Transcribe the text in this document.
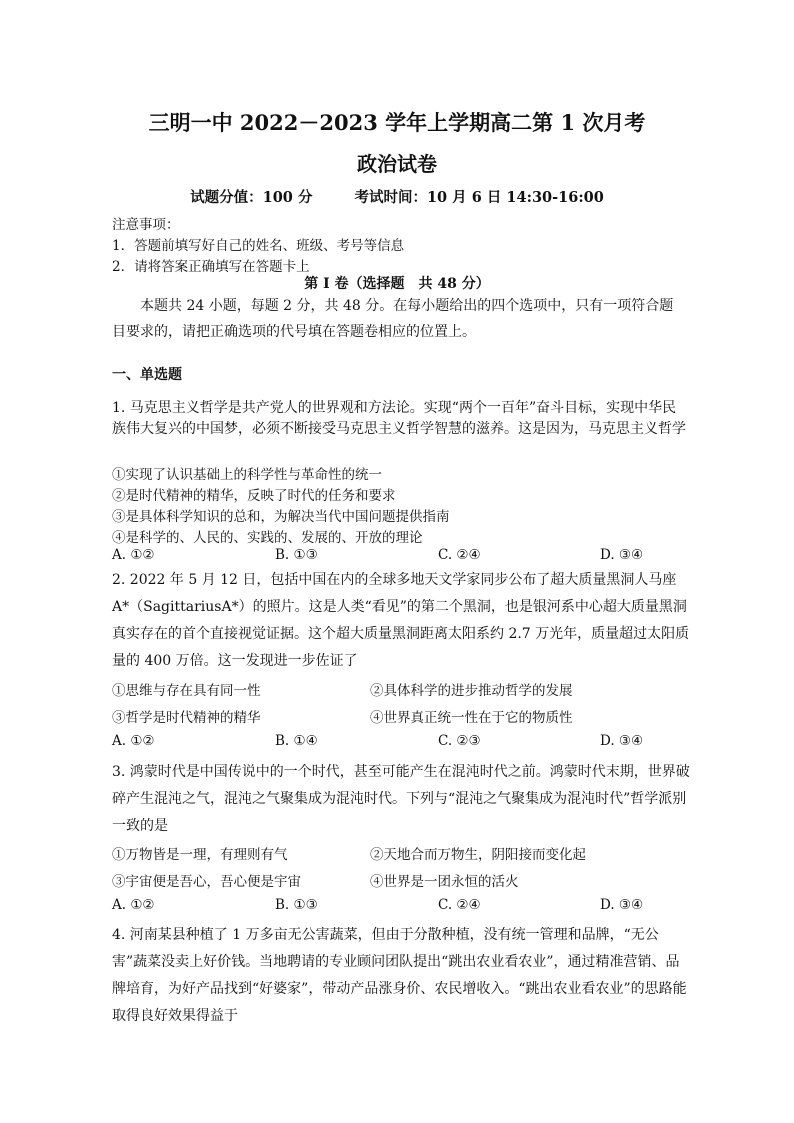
三明一中 2022－2023 学年上学期高二第 1 次月考
政治试卷
试题分值：100 分	考试时间：10 月 6 日 14:30-16:00
注意事项：
1．答题前填写好自己的姓名、班级、考号等信息
2．请将答案正确填写在答题卡上
第 I 卷（选择题　共 48 分）
本题共 24 小题，每题 2 分，共 48 分。在每小题给出的四个选项中，只有一项符合题目要求的，请把正确选项的代号填在答题卷相应的位置上。
一、单选题
1. 马克思主义哲学是共产党人的世界观和方法论。实现“两个一百年”奋斗目标，实现中华民族伟大复兴的中国梦，必须不断接受马克思主义哲学智慧的滋养。这是因为，马克思主义哲学
①实现了认识基础上的科学性与革命性的统一
②是时代精神的精华，反映了时代的任务和要求
③是具体科学知识的总和，为解决当代中国问题提供指南
④是科学的、人民的、实践的、发展的、开放的理论
A. ①②	B. ①③	C. ②④	D. ③④
2. 2022 年 5 月 12 日，包括中国在内的全球多地天文学家同步公布了超大质量黑洞人马座 A*（SagittariusA*）的照片。这是人类“看见”的第二个黑洞，也是银河系中心超大质量黑洞真实存在的首个直接视觉证据。这个超大质量黑洞距离太阳系约 2.7 万光年，质量超过太阳质量的 400 万倍。这一发现进一步佐证了
①思维与存在具有同一性	②具体科学的进步推动哲学的发展
③哲学是时代精神的精华	④世界真正统一性在于它的物质性
A. ①②	B. ①④	C. ②③	D. ③④
3. 鸿蒙时代是中国传说中的一个时代，甚至可能产生在混沌时代之前。鸿蒙时代末期，世界破碎产生混沌之气，混沌之气聚集成为混沌时代。下列与“混沌之气聚集成为混沌时代”哲学派别一致的是
①万物皆是一理，有理则有气	②天地合而万物生，阴阳接而变化起
③宇宙便是吾心，吾心便是宇宙	④世界是一团永恒的活火
A. ①②	B. ①③	C. ②④	D. ③④
4. 河南某县种植了 1 万多亩无公害蔬菜，但由于分散种植，没有统一管理和品牌，“无公害”蔬菜没卖上好价钱。当地聘请的专业顾问团队提出“跳出农业看农业”，通过精准营销、品牌培育，为好产品找到“好婆家”，带动产品涨身价、农民增收入。“跳出农业看农业”的思路能取得良好效果得益于
